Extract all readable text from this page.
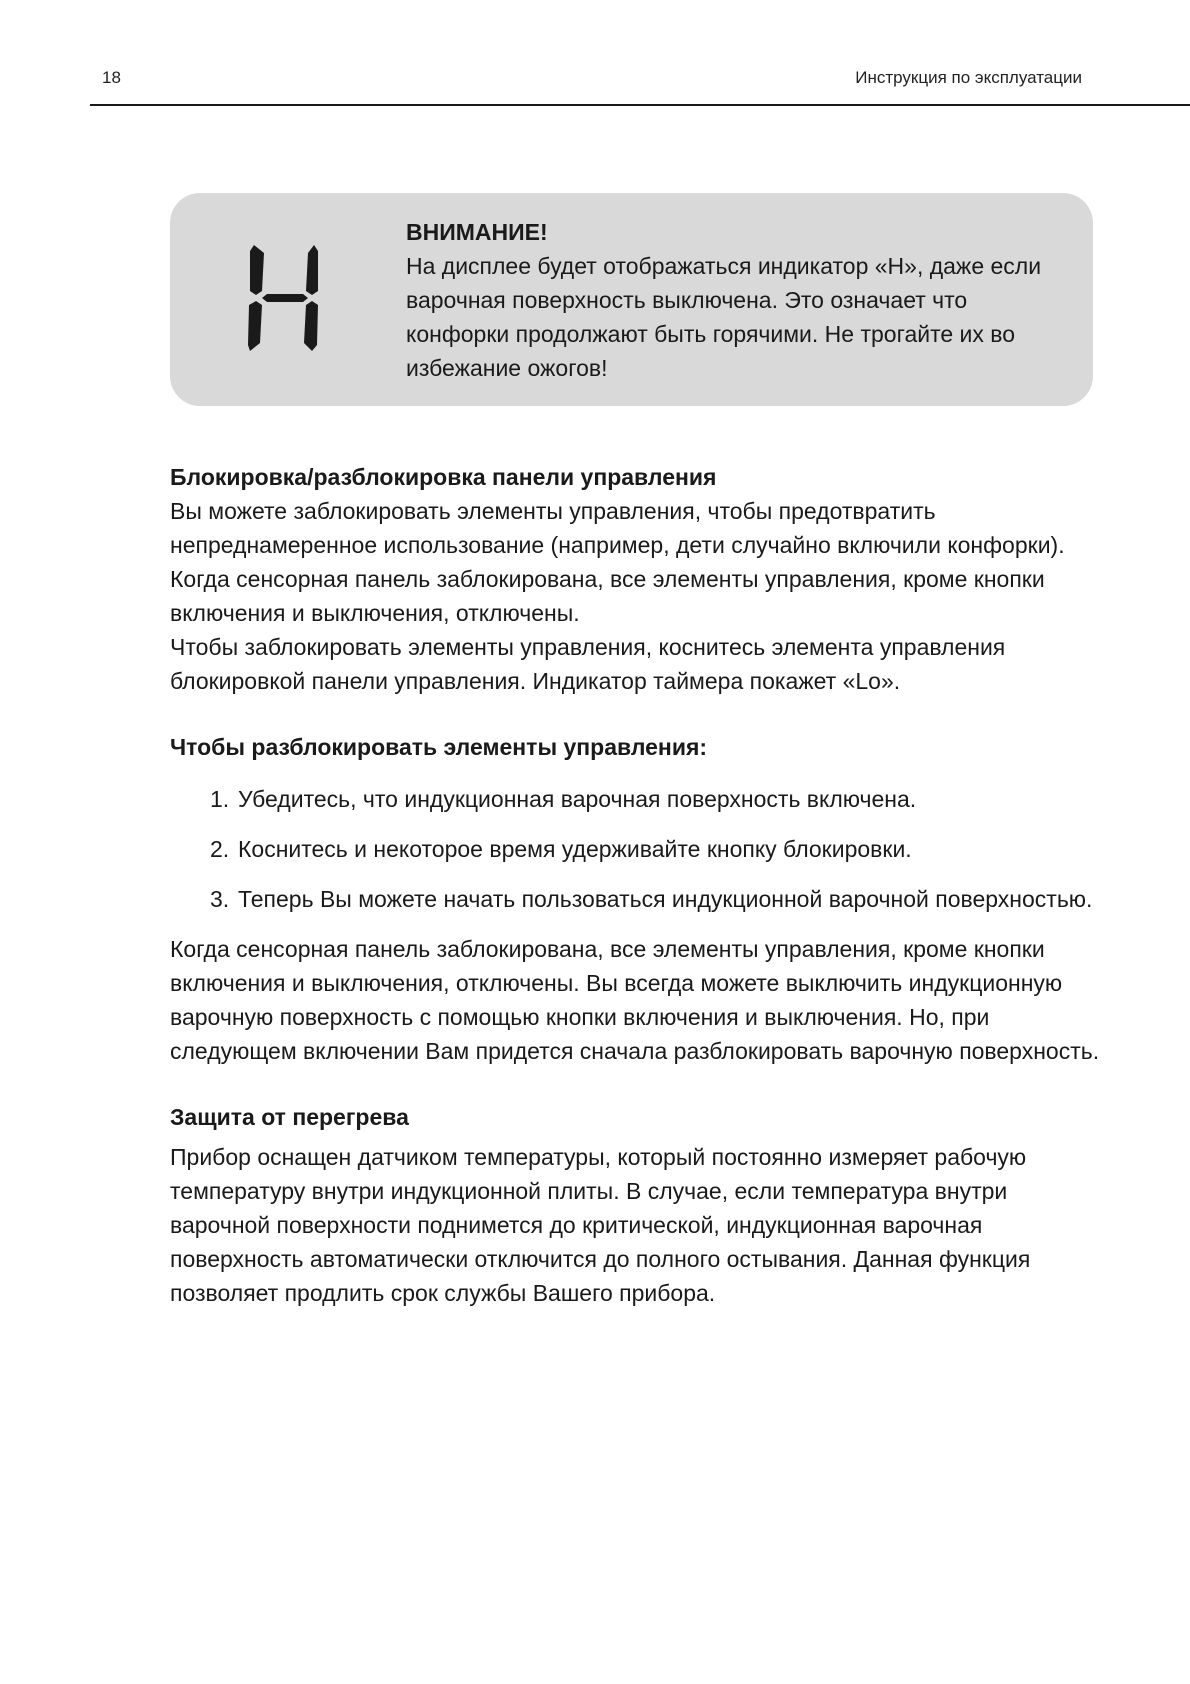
18	Инструкция по эксплуатации

ВНИМАНИЕ!

На дисплее будет отображаться индикатор «H», даже если варочная поверхность выключена. Это означает что конфорки продолжают быть горячими. Не трогайте их во избежание ожогов!

Блокировка/разблокировка панели управления

Вы можете заблокировать элементы управления, чтобы предотвратить непреднамеренное использование (например, дети случайно включили конфорки). Когда сенсорная панель заблокирована, все элементы управления, кроме кнопки включения и выключения, отключены.

Чтобы заблокировать элементы управления, коснитесь элемента управления блокировкой панели управления. Индикатор таймера покажет «Lo».

Чтобы разблокировать элементы управления:

1. Убедитесь, что индукционная варочная поверхность включена.
2. Коснитесь и некоторое время удерживайте кнопку блокировки.
3. Теперь Вы можете начать пользоваться индукционной варочной поверхностью.

Когда сенсорная панель заблокирована, все элементы управления, кроме кнопки включения и выключения, отключены. Вы всегда можете выключить индукционную варочную поверхность с помощью кнопки включения и выключения. Но, при следующем включении Вам придется сначала разблокировать варочную поверхность.

Защита от перегрева

Прибор оснащен датчиком температуры, который постоянно измеряет рабочую температуру внутри индукционной плиты. В случае, если температура внутри варочной поверхности поднимется до критической, индукционная варочная поверхность автоматически отключится до полного остывания. Данная функция позволяет продлить срок службы Вашего прибора.
